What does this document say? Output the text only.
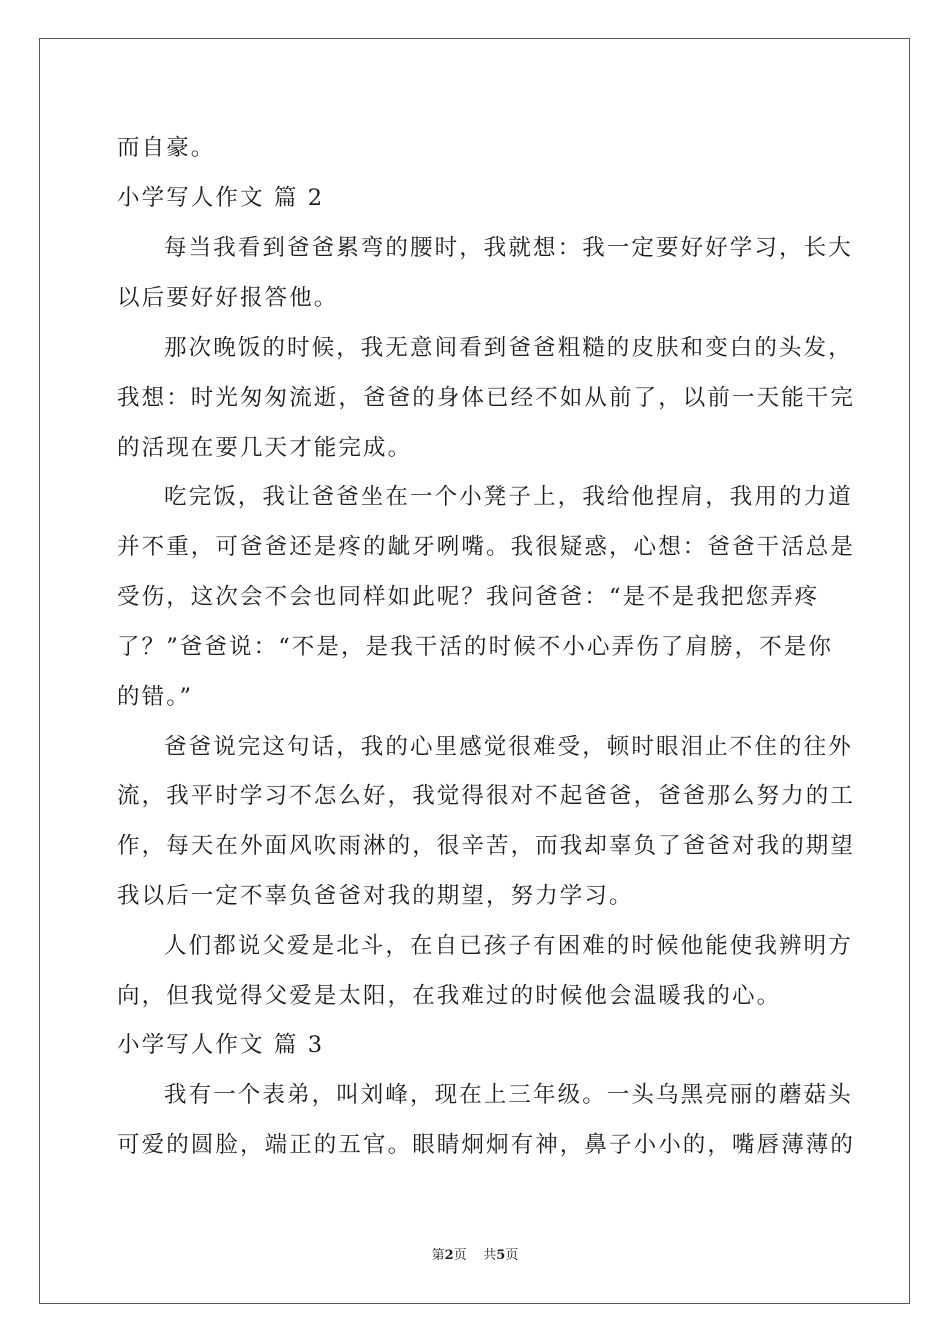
而自豪。
小学写人作文 篇 2
每当我看到爸爸累弯的腰时，我就想：我一定要好好学习，长大
以后要好好报答他。
那次晚饭的时候，我无意间看到爸爸粗糙的皮肤和变白的头发，
我想：时光匆匆流逝，爸爸的身体已经不如从前了，以前一天能干完
的活现在要几天才能完成。
吃完饭，我让爸爸坐在一个小凳子上，我给他捏肩，我用的力道
并不重，可爸爸还是疼的龇牙咧嘴。我很疑惑，心想：爸爸干活总是
受伤，这次会不会也同样如此呢？我问爸爸：“是不是我把您弄疼
了？”爸爸说：“不是，是我干活的时候不小心弄伤了肩膀，不是你
的错。”
爸爸说完这句话，我的心里感觉很难受，顿时眼泪止不住的往外
流，我平时学习不怎么好，我觉得很对不起爸爸，爸爸那么努力的工
作，每天在外面风吹雨淋的，很辛苦，而我却辜负了爸爸对我的期望
我以后一定不辜负爸爸对我的期望，努力学习。
人们都说父爱是北斗，在自已孩子有困难的时候他能使我辨明方
向，但我觉得父爱是太阳，在我难过的时候他会温暖我的心。
小学写人作文 篇 3
我有一个表弟，叫刘峰，现在上三年级。一头乌黑亮丽的蘑菇头
可爱的圆脸，端正的五官。眼睛炯炯有神，鼻子小小的，嘴唇薄薄的
第2页 共5页
